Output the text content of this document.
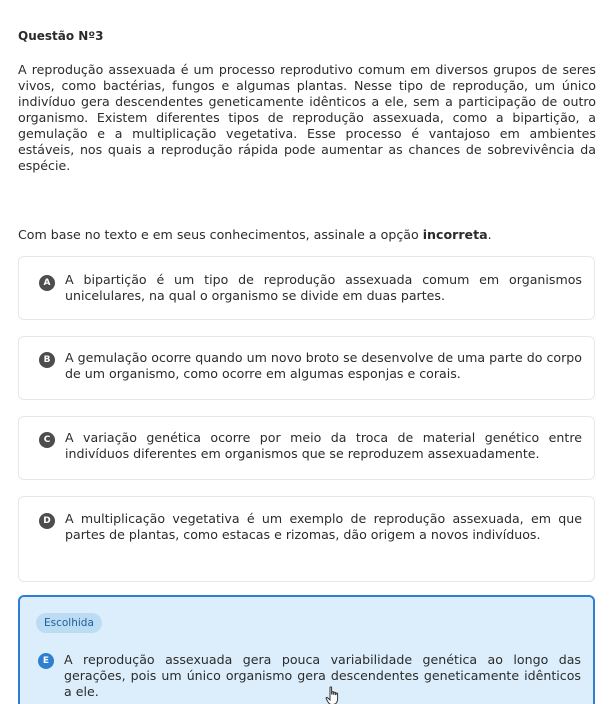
Questão Nº3

A reprodução assexuada é um processo reprodutivo comum em diversos grupos de seres vivos, como bactérias, fungos e algumas plantas. Nesse tipo de reprodução, um único indivíduo gera descendentes geneticamente idênticos a ele, sem a participação de outro organismo. Existem diferentes tipos de reprodução assexuada, como a bipartição, a gemulação e a multiplicação vegetativa. Esse processo é vantajoso em ambientes estáveis, nos quais a reprodução rápida pode aumentar as chances de sobrevivência da espécie.

Com base no texto e em seus conhecimentos, assinale a opção incorreta.

A	A bipartição é um tipo de reprodução assexuada comum em organismos unicelulares, na qual o organismo se divide em duas partes.
B	A gemulação ocorre quando um novo broto se desenvolve de uma parte do corpo de um organismo, como ocorre em algumas esponjas e corais.
C	A variação genética ocorre por meio da troca de material genético entre indivíduos diferentes em organismos que se reproduzem assexuadamente.
D	A multiplicação vegetativa é um exemplo de reprodução assexuada, em que partes de plantas, como estacas e rizomas, dão origem a novos indivíduos.
Escolhida
E	A reprodução assexuada gera pouca variabilidade genética ao longo das gerações, pois um único organismo gera descendentes geneticamente idênticos a ele.
